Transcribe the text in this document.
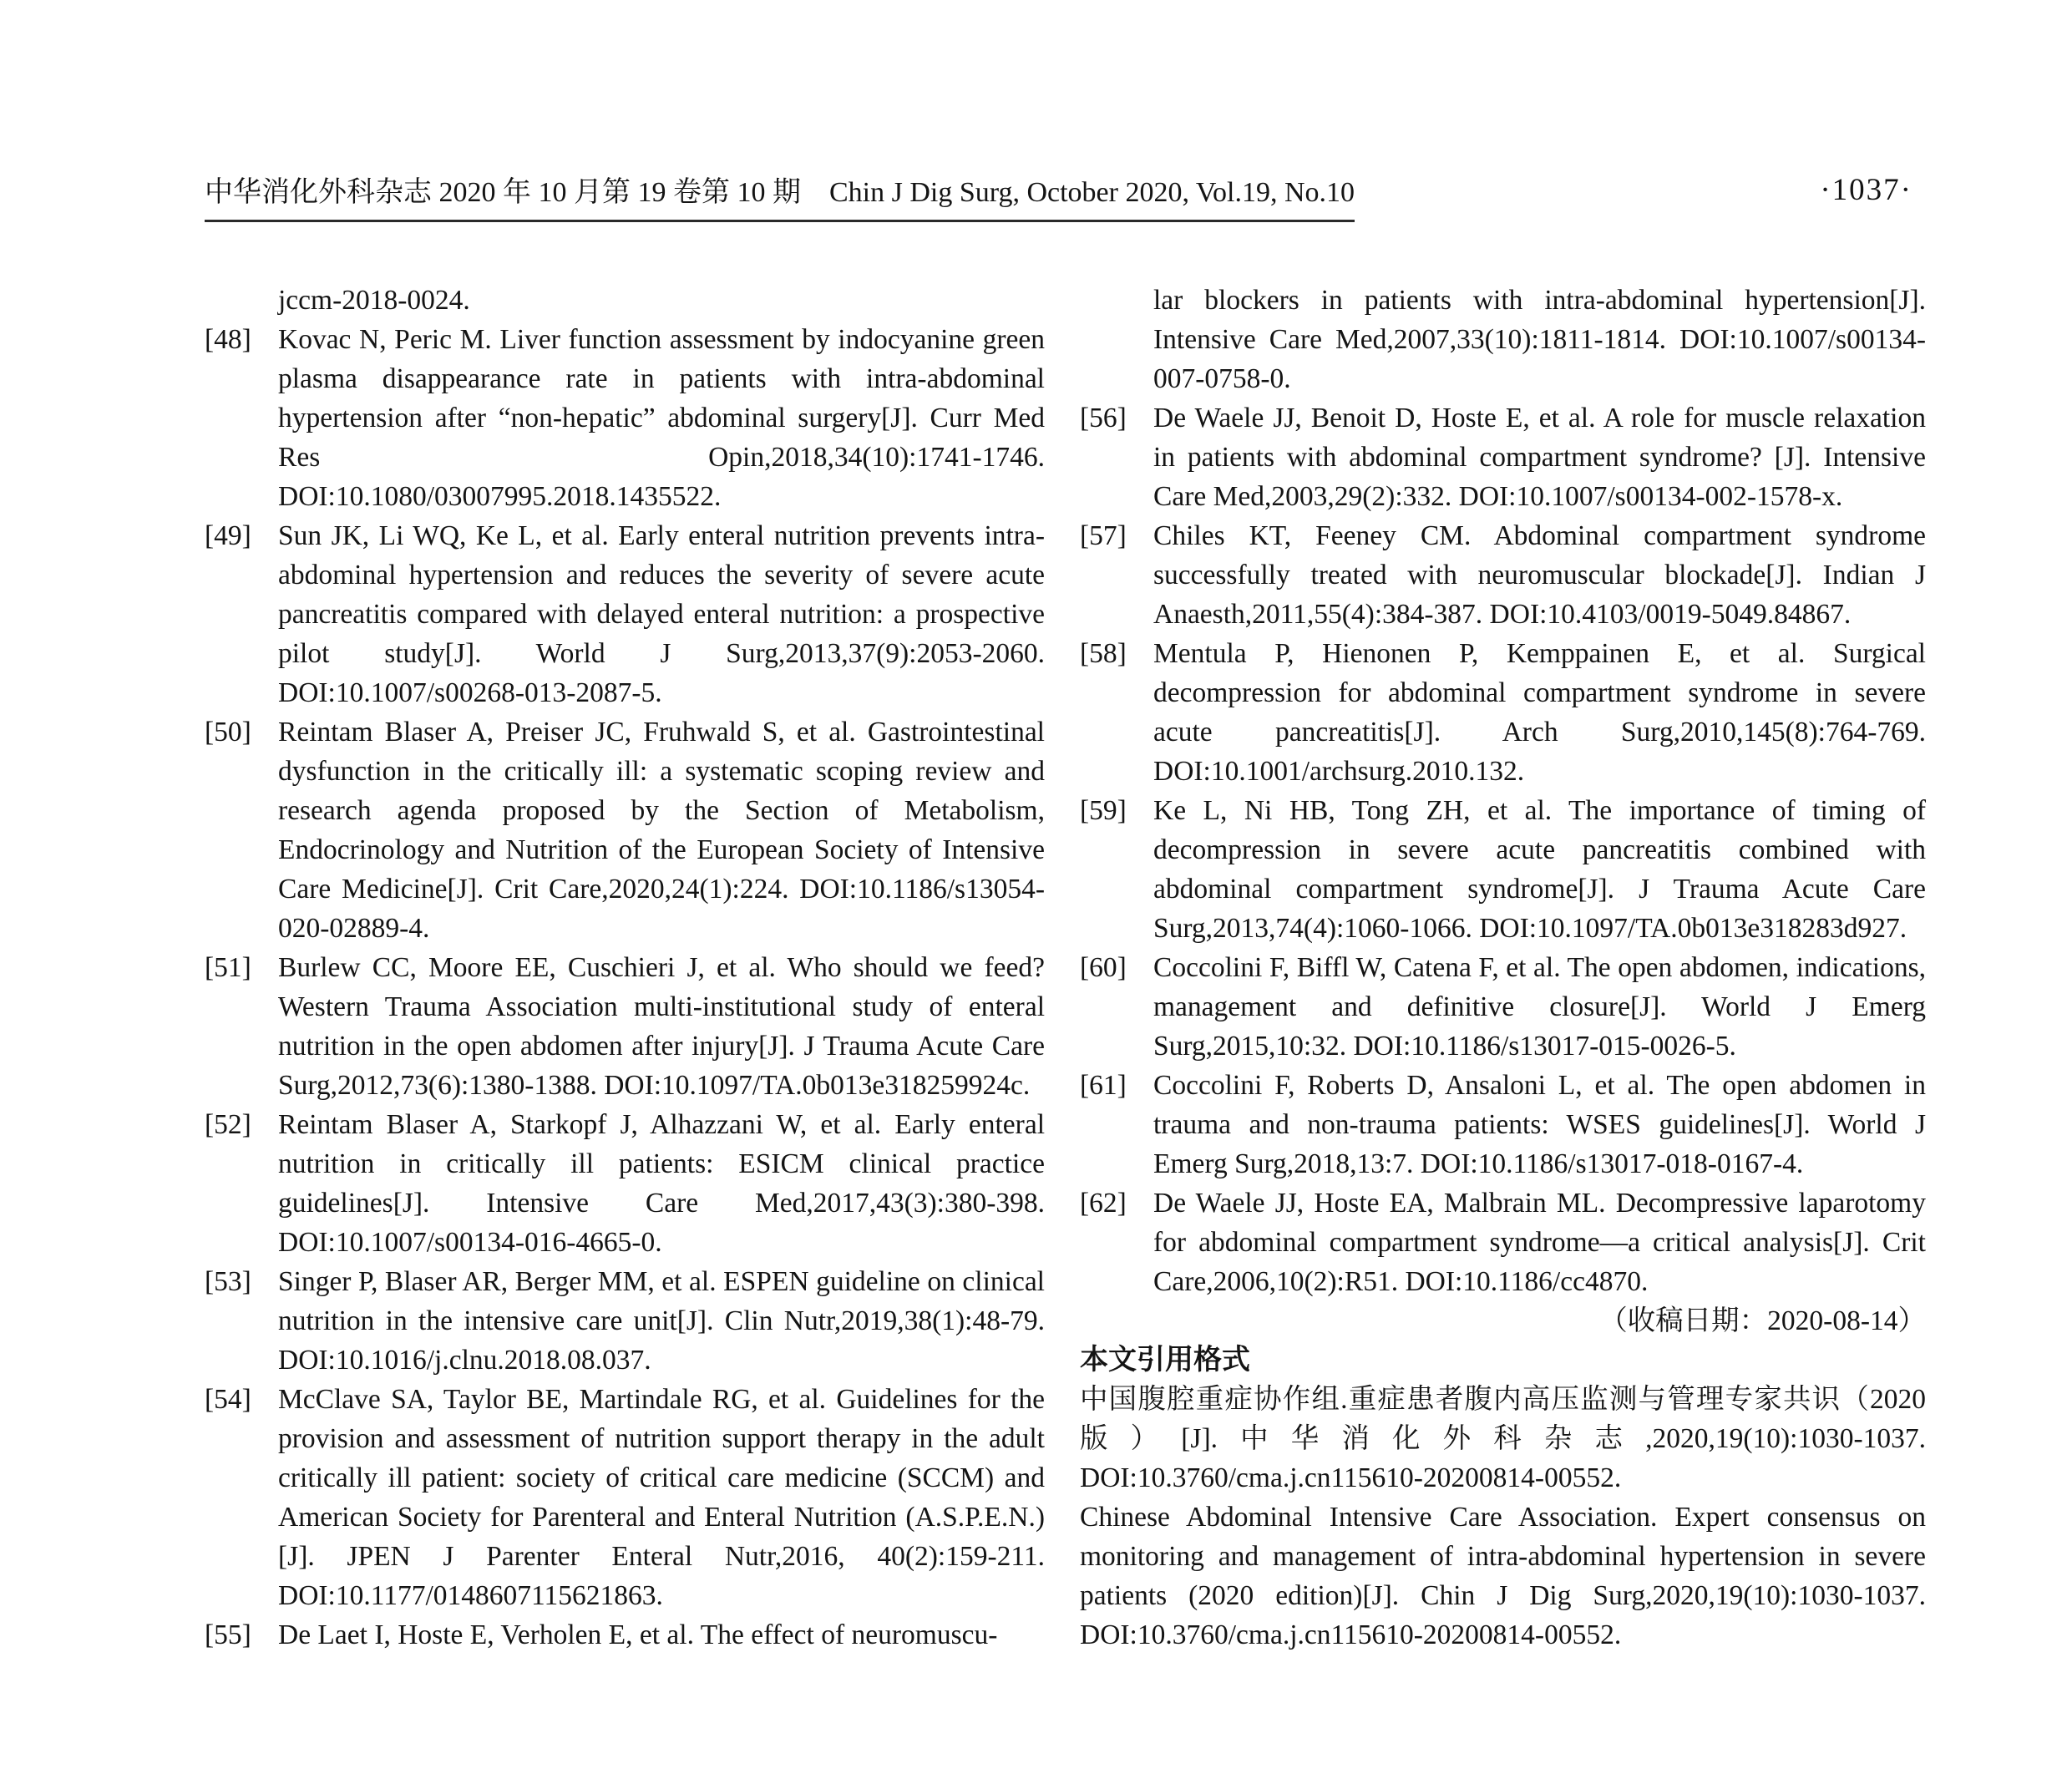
中华消化外科杂志 2020 年 10 月第 19 卷第 10 期　Chin J Dig Surg, October 2020, Vol.19, No.10	·1037·
jccm-2018-0024.
[48] Kovac N, Peric M. Liver function assessment by indocyanine green plasma disappearance rate in patients with intra-abdominal hypertension after “non-hepatic” abdominal surgery[J]. Curr Med Res Opin,2018,34(10):1741-1746. DOI:10.1080/03007995.2018.1435522.
[49] Sun JK, Li WQ, Ke L, et al. Early enteral nutrition prevents intra-abdominal hypertension and reduces the severity of severe acute pancreatitis compared with delayed enteral nutrition: a prospective pilot study[J]. World J Surg,2013,37(9):2053-2060. DOI:10.1007/s00268-013-2087-5.
[50] Reintam Blaser A, Preiser JC, Fruhwald S, et al. Gastrointestinal dysfunction in the critically ill: a systematic scoping review and research agenda proposed by the Section of Metabolism, Endocrinology and Nutrition of the European Society of Intensive Care Medicine[J]. Crit Care,2020,24(1):224. DOI:10.1186/s13054-020-02889-4.
[51] Burlew CC, Moore EE, Cuschieri J, et al. Who should we feed? Western Trauma Association multi-institutional study of enteral nutrition in the open abdomen after injury[J]. J Trauma Acute Care Surg,2012,73(6):1380-1388. DOI:10.1097/TA.0b013e318259924c.
[52] Reintam Blaser A, Starkopf J, Alhazzani W, et al. Early enteral nutrition in critically ill patients: ESICM clinical practice guidelines[J]. Intensive Care Med,2017,43(3):380-398. DOI:10.1007/s00134-016-4665-0.
[53] Singer P, Blaser AR, Berger MM, et al. ESPEN guideline on clinical nutrition in the intensive care unit[J]. Clin Nutr,2019,38(1):48-79. DOI:10.1016/j.clnu.2018.08.037.
[54] McClave SA, Taylor BE, Martindale RG, et al. Guidelines for the provision and assessment of nutrition support therapy in the adult critically ill patient: society of critical care medicine (SCCM) and American Society for Parenteral and Enteral Nutrition (A.S.P.E.N.)[J]. JPEN J Parenter Enteral Nutr,2016, 40(2):159-211. DOI:10.1177/0148607115621863.
[55] De Laet I, Hoste E, Verholen E, et al. The effect of neuromuscu-
lar blockers in patients with intra-abdominal hypertension[J]. Intensive Care Med,2007,33(10):1811-1814. DOI:10.1007/s00134-007-0758-0.
[56] De Waele JJ, Benoit D, Hoste E, et al. A role for muscle relaxation in patients with abdominal compartment syndrome? [J]. Intensive Care Med,2003,29(2):332. DOI:10.1007/s00134-002-1578-x.
[57] Chiles KT, Feeney CM. Abdominal compartment syndrome successfully treated with neuromuscular blockade[J]. Indian J Anaesth,2011,55(4):384-387. DOI:10.4103/0019-5049.84867.
[58] Mentula P, Hienonen P, Kemppainen E, et al. Surgical decompression for abdominal compartment syndrome in severe acute pancreatitis[J]. Arch Surg,2010,145(8):764-769. DOI:10.1001/archsurg.2010.132.
[59] Ke L, Ni HB, Tong ZH, et al. The importance of timing of decompression in severe acute pancreatitis combined with abdominal compartment syndrome[J]. J Trauma Acute Care Surg,2013,74(4):1060-1066. DOI:10.1097/TA.0b013e318283d927.
[60] Coccolini F, Biffl W, Catena F, et al. The open abdomen, indications, management and definitive closure[J]. World J Emerg Surg,2015,10:32. DOI:10.1186/s13017-015-0026-5.
[61] Coccolini F, Roberts D, Ansaloni L, et al. The open abdomen in trauma and non-trauma patients: WSES guidelines[J]. World J Emerg Surg,2018,13:7. DOI:10.1186/s13017-018-0167-4.
[62] De Waele JJ, Hoste EA, Malbrain ML. Decompressive laparotomy for abdominal compartment syndrome—a critical analysis[J]. Crit Care,2006,10(2):R51. DOI:10.1186/cc4870.
（收稿日期：2020-08-14）
本文引用格式
中国腹腔重症协作组.重症患者腹内高压监测与管理专家共识（2020版）[J].中华消化外科杂志,2020,19(10):1030-1037. DOI:10.3760/cma.j.cn115610-20200814-00552.
Chinese Abdominal Intensive Care Association. Expert consensus on monitoring and management of intra-abdominal hypertension in severe patients (2020 edition)[J]. Chin J Dig Surg,2020,19(10):1030-1037. DOI:10.3760/cma.j.cn115610-20200814-00552.
